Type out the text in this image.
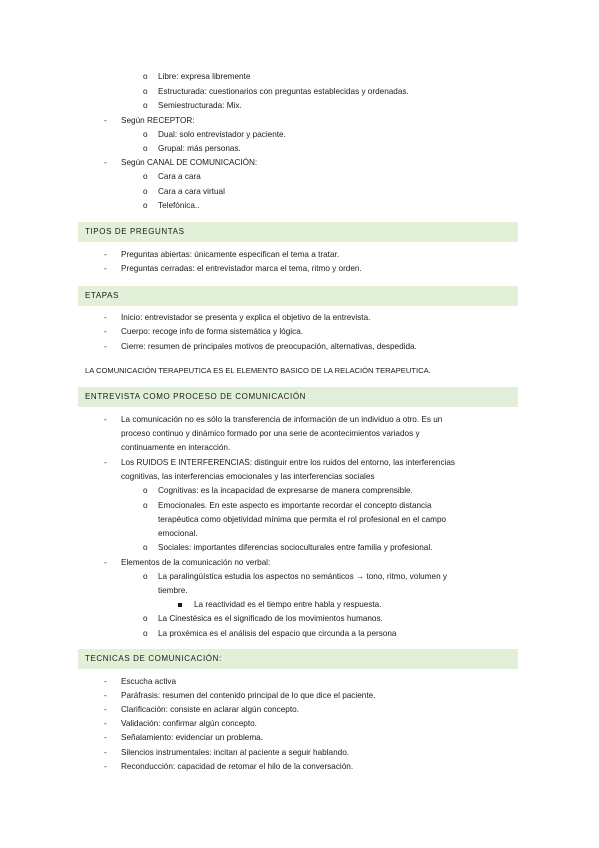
o Libre: expresa libremente
o Estructurada: cuestionarios con preguntas establecidas y ordenadas.
o Semiestructurada: Mix.
- Según RECEPTOR:
o Dual: solo entrevistador y paciente.
o Grupal: más personas.
- Según CANAL DE COMUNICACIÓN:
o Cara a cara
o Cara a cara virtual
o Telefónica..
TIPOS DE PREGUNTAS
- Preguntas abiertas: únicamente especifican el tema a tratar.
- Preguntas cerradas: el entrevistador marca el tema, ritmo y orden.
ETAPAS
- Inicio: entrevistador se presenta y explica el objetivo de la entrevista.
- Cuerpo: recoge info de forma sistemática y lógica.
- Cierre: resumen de principales motivos de preocupación, alternativas, despedida.
LA COMUNICACIÓN TERAPEUTICA ES EL ELEMENTO BASICO DE LA RELACIÓN TERAPEUTICA.
ENTREVISTA COMO PROCESO DE COMUNICACIÓN
- La comunicación no es sólo la transferencia de información de un individuo a otro. Es un
proceso continuo y dinámico formado por una serie de acontecimientos variados y
continuamente en interacción.
- Los RUIDOS E INTERFERENCIAS: distinguir entre los ruidos del entorno, las interferencias
cognitivas, las interferencias emocionales y las interferencias sociales
o Cognitivas: es la incapacidad de expresarse de manera comprensible.
o Emocionales. En este aspecto es importante recordar el concepto distancia
terapéutica como objetividad mínima que permita el rol profesional en el campo
emocional.
o Sociales: importantes diferencias socioculturales entre familia y profesional.
- Elementos de la comunicación no verbal:
o La paralingüística estudia los aspectos no semánticos → tono, ritmo, volumen y
tiembre.
La reactividad es el tiempo entre habla y respuesta.
o La Cinestésica es el significado de los movimientos humanos.
o La proxémica es el análisis del espacio que circunda a la persona
TECNICAS DE COMUNICACIÓN:
- Escucha activa
- Paráfrasis: resumen del contenido principal de lo que dice el paciente.
- Clarificación: consiste en aclarar algún concepto.
- Validación: confirmar algún concepto.
- Señalamiento: evidenciar un problema.
- Silencios instrumentales: incitan al paciente a seguir hablando.
- Reconducción: capacidad de retomar el hilo de la conversación.
